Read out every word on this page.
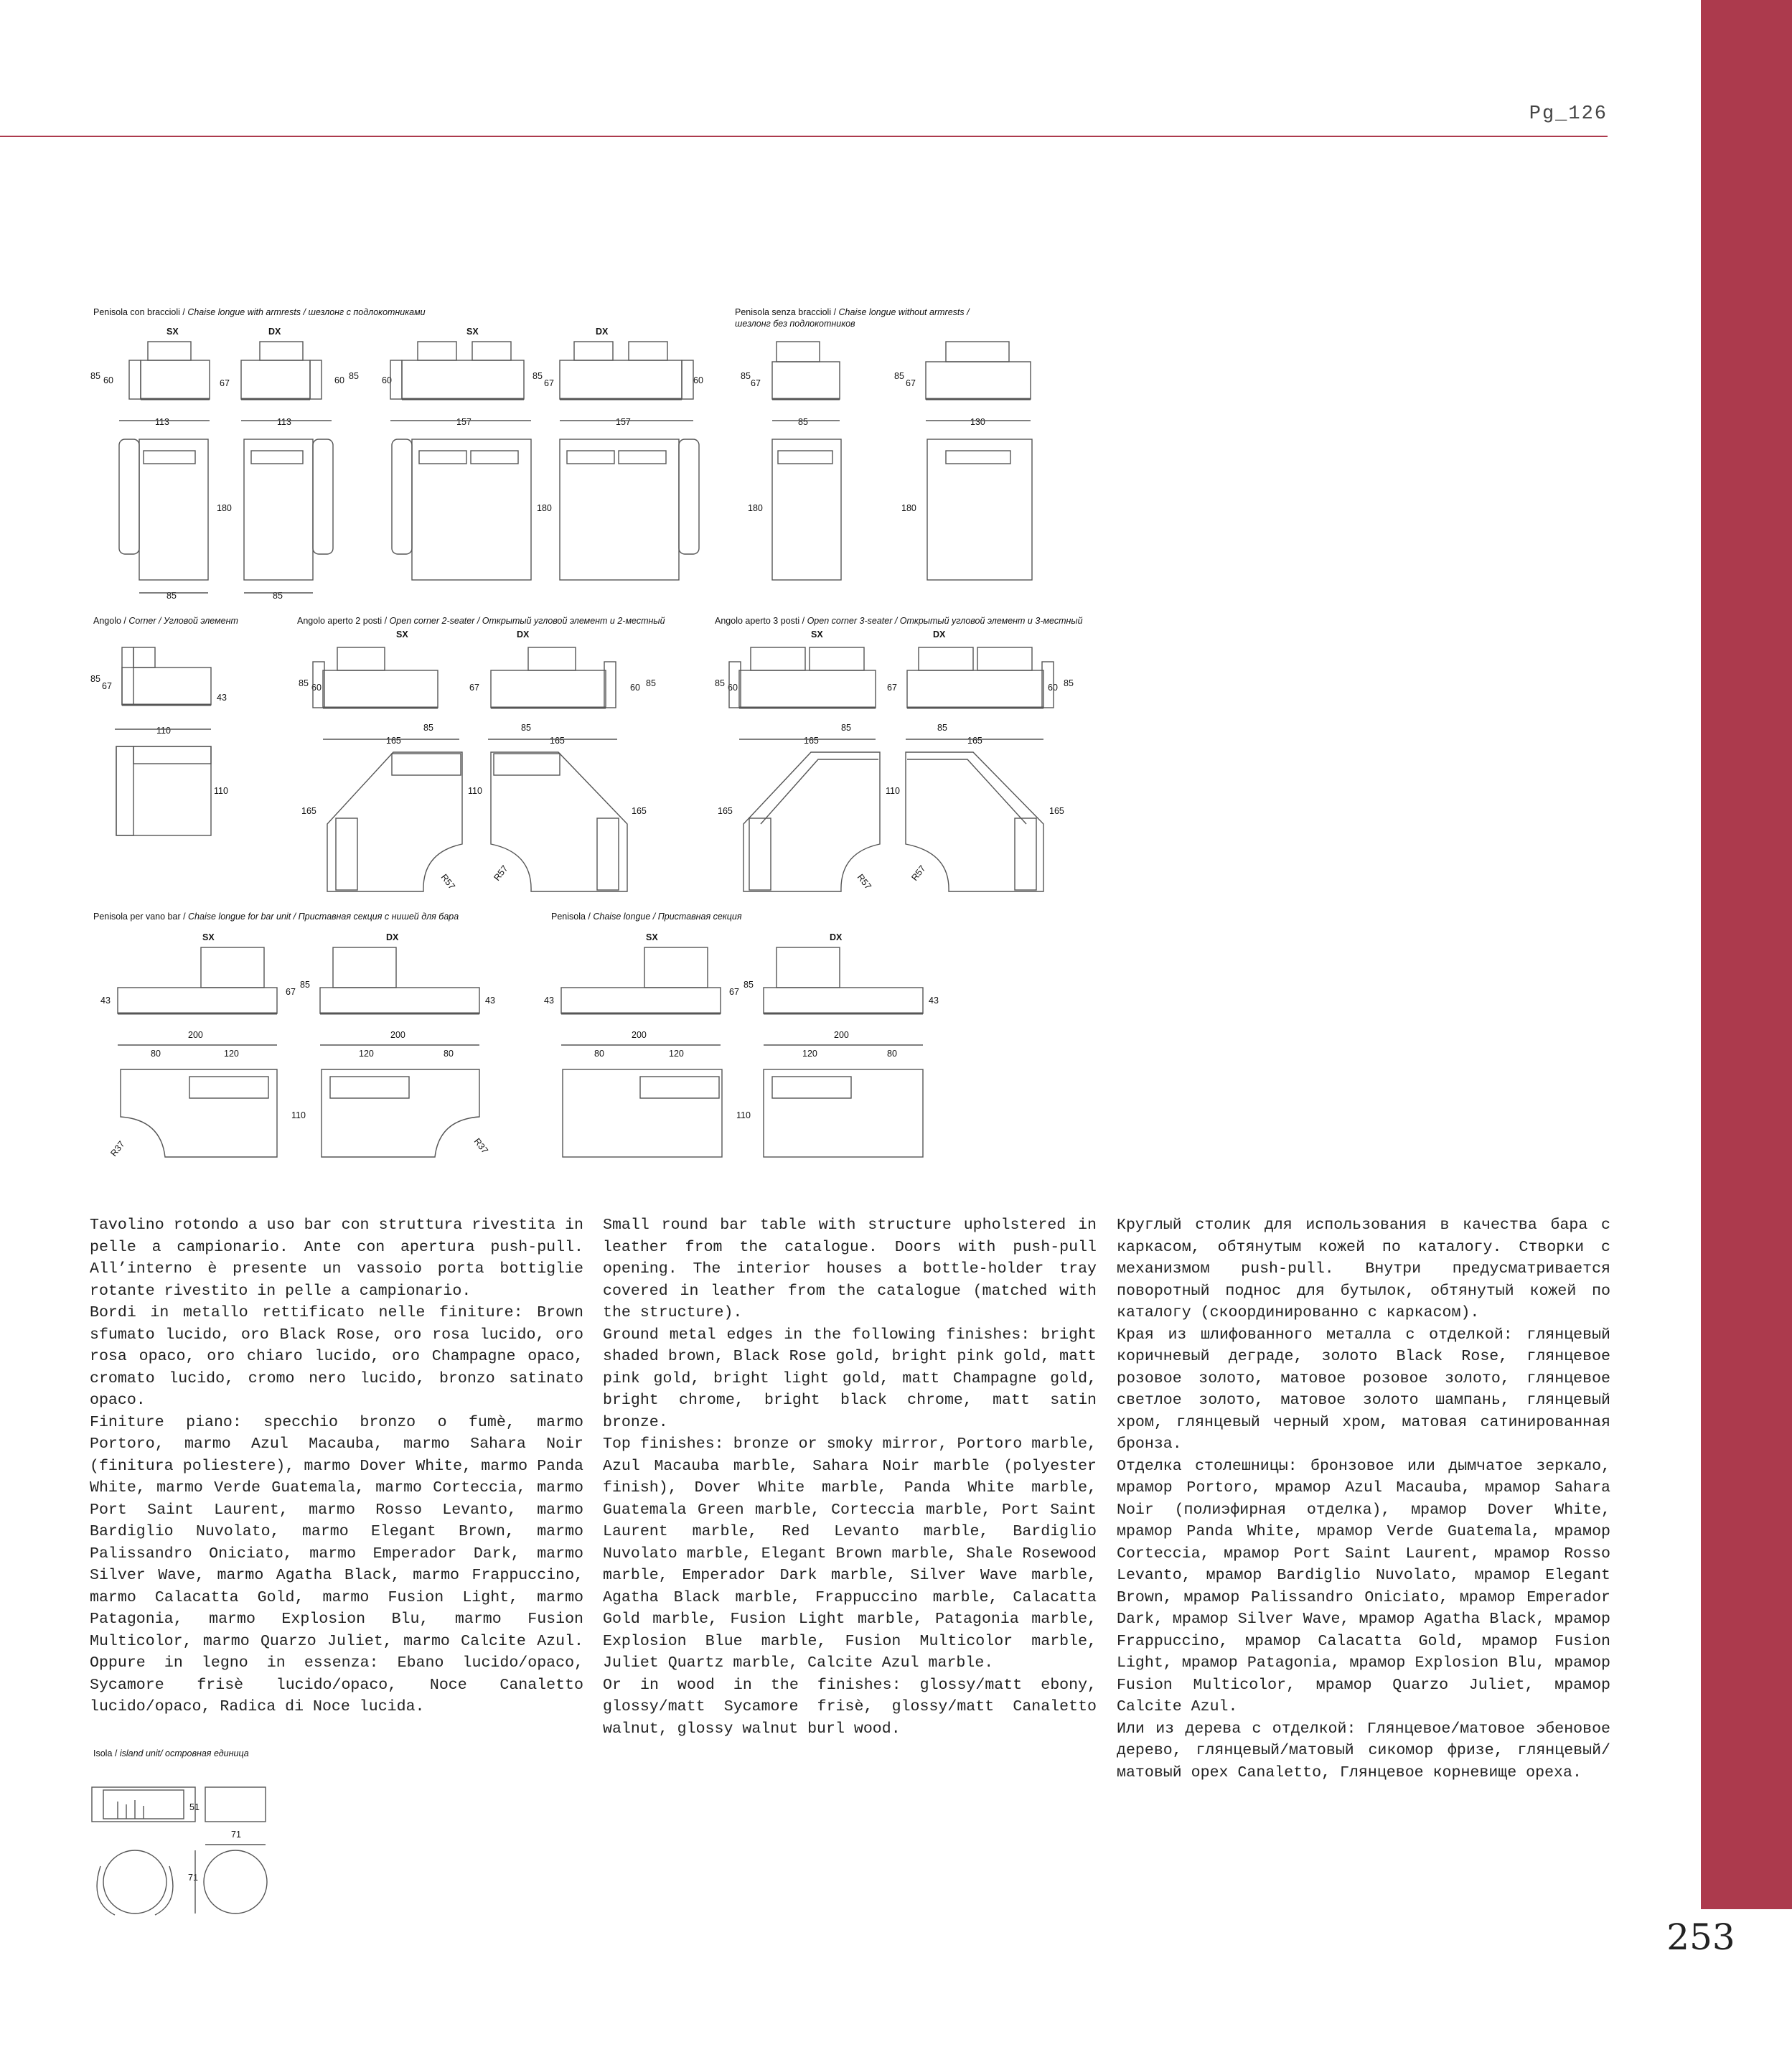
Pg_126
253
Penisola con braccioli / Chaise longue with armrests / шезлонг с подлокотниками	Penisola senza braccioli / Chaise longue without armrests /
шезлонг без подлокотников
Angolo / Corner / Угловой элемент	Angolo aperto 2 posti / Open corner 2-seater / Открытый угловой элемент и 2-местный	Angolo aperto 3 posti / Open corner 3-seater / Открытый угловой элемент и 3-местный
Penisola per vano bar / Chaise longue for bar unit / Приставная секция с нишей для бара	Penisola / Chaise longue / Приставная секция
Isola / island unit/ островная единица
SX	DX	SX	DX
85 60	67	60 85	60	85
67	60	85
67
85
67
113	113	157	157	85	130
180	180	180	180
85	85
SX	DX	SX	DX
85
67
43
85 60	67	60 85	85 60	67	60 85
110	85	85	85	85
165	165	165	165
110	110	110
165	165	165	165
R57	R57	R57	R57
SX	DX	SX	DX
85
67
43	43
85
67
43	43
200	200	200	200
80	120	120	80	80	120	120	80
110	110
R37	R37
51
71
71

Tavolino rotondo a uso bar con struttura rivestita in pelle a campionario. Ante con apertura push-pull. All’interno è presente un vassoio porta bottiglie rotante rivestito in pelle a campionario.

Bordi in metallo rettificato nelle finiture: Brown sfumato lucido, oro Black Rose, oro rosa lucido, oro rosa opaco, oro chiaro lucido, oro Champagne opaco, cromato lucido, cromo nero lucido, bronzo satinato opaco.

Finiture piano: specchio bronzo o fumè, marmo Portoro, marmo Azul Macauba, marmo Sahara Noir (finitura poliestere), marmo Dover White, marmo Panda White, marmo Verde Guatemala, marmo Corteccia, marmo Port Saint Laurent, marmo Rosso Levanto, marmo Bardiglio Nuvolato, marmo Elegant Brown, marmo Palissandro Oniciato, marmo Emperador Dark, marmo Silver Wave, marmo Agatha Black, marmo Frappuccino, marmo Calacatta Gold, marmo Fusion Light, marmo Patagonia, marmo Explosion Blu, marmo Fusion Multicolor, marmo Quarzo Juliet, marmo Calcite Azul. Oppure in legno in essenza: Ebano lucido/opaco, Sycamore frisè lucido/opaco, Noce Canaletto lucido/opaco, Radica di Noce lucida.

Small round bar table with structure upholstered in leather from the catalogue. Doors with push-pull opening. The interior houses a bottle-holder tray covered in leather from the catalogue (matched with the structure).

Ground metal edges in the following finishes: bright shaded brown, Black Rose gold, bright pink gold, matt pink gold, bright light gold, matt Champagne gold, bright chrome, bright black chrome, matt satin bronze.

Top finishes: bronze or smoky mirror, Portoro marble, Azul Macauba marble, Sahara Noir marble (polyester finish), Dover White marble, Panda White marble, Guatemala Green marble, Corteccia marble, Port Saint Laurent marble, Red Levanto marble, Bardiglio Nuvolato marble, Elegant Brown marble, Shale Rosewood marble, Emperador Dark marble, Silver Wave marble, Agatha Black marble, Frappuccino marble, Calacatta Gold marble, Fusion Light marble, Patagonia marble, Explosion Blue marble, Fusion Multicolor marble, Juliet Quartz marble, Calcite Azul marble.

Or in wood in the finishes: glossy/matt ebony, glossy/matt Sycamore frisè, glossy/matt Canaletto walnut, glossy walnut burl wood.

Круглый столик для использования в качества бара с каркасом, обтянутым кожей по каталогу. Створки с механизмом push-pull. Внутри предусматривается поворотный поднос для бутылок, обтянутый кожей по каталогу (скоординированно с каркасом).

Края из шлифованного металла с отделкой: глянцевый коричневый деграде, золото Black Rose, глянцевое розовое золото, матовое розовое золото, глянцевое светлое золото, матовое золото шампань, глянцевый хром, глянцевый черный хром, матовая сатинированная бронза.

Отделка столешницы: бронзовое или дымчатое зеркало, мрамор Portoro, мрамор Azul Macauba, мрамор Sahara Noir (полиэфирная отделка), мрамор Dover White, мрамор Panda White, мрамор Verde Guatemala, мрамор Corteccia, мрамор Port Saint Laurent, мрамор Rosso Levanto, мрамор Bardiglio Nuvolato, мрамор Elegant Brown, мрамор Palissandro Oniciato, мрамор Emperador Dark, мрамор Silver Wave, мрамор Agatha Black, мрамор Frappuccino, мрамор Calacatta Gold, мрамор Fusion Light, мрамор Patagonia, мрамор Explosion Blu, мрамор Fusion Multicolor, мрамор Quarzo Juliet, мрамор Calcite Azul.

Или из дерева с отделкой: Глянцевое/матовое эбеновое дерево, глянцевый/матовый сикомор фризе, глянцевый/матовый орех Canaletto, Глянцевое корневище ореха.
